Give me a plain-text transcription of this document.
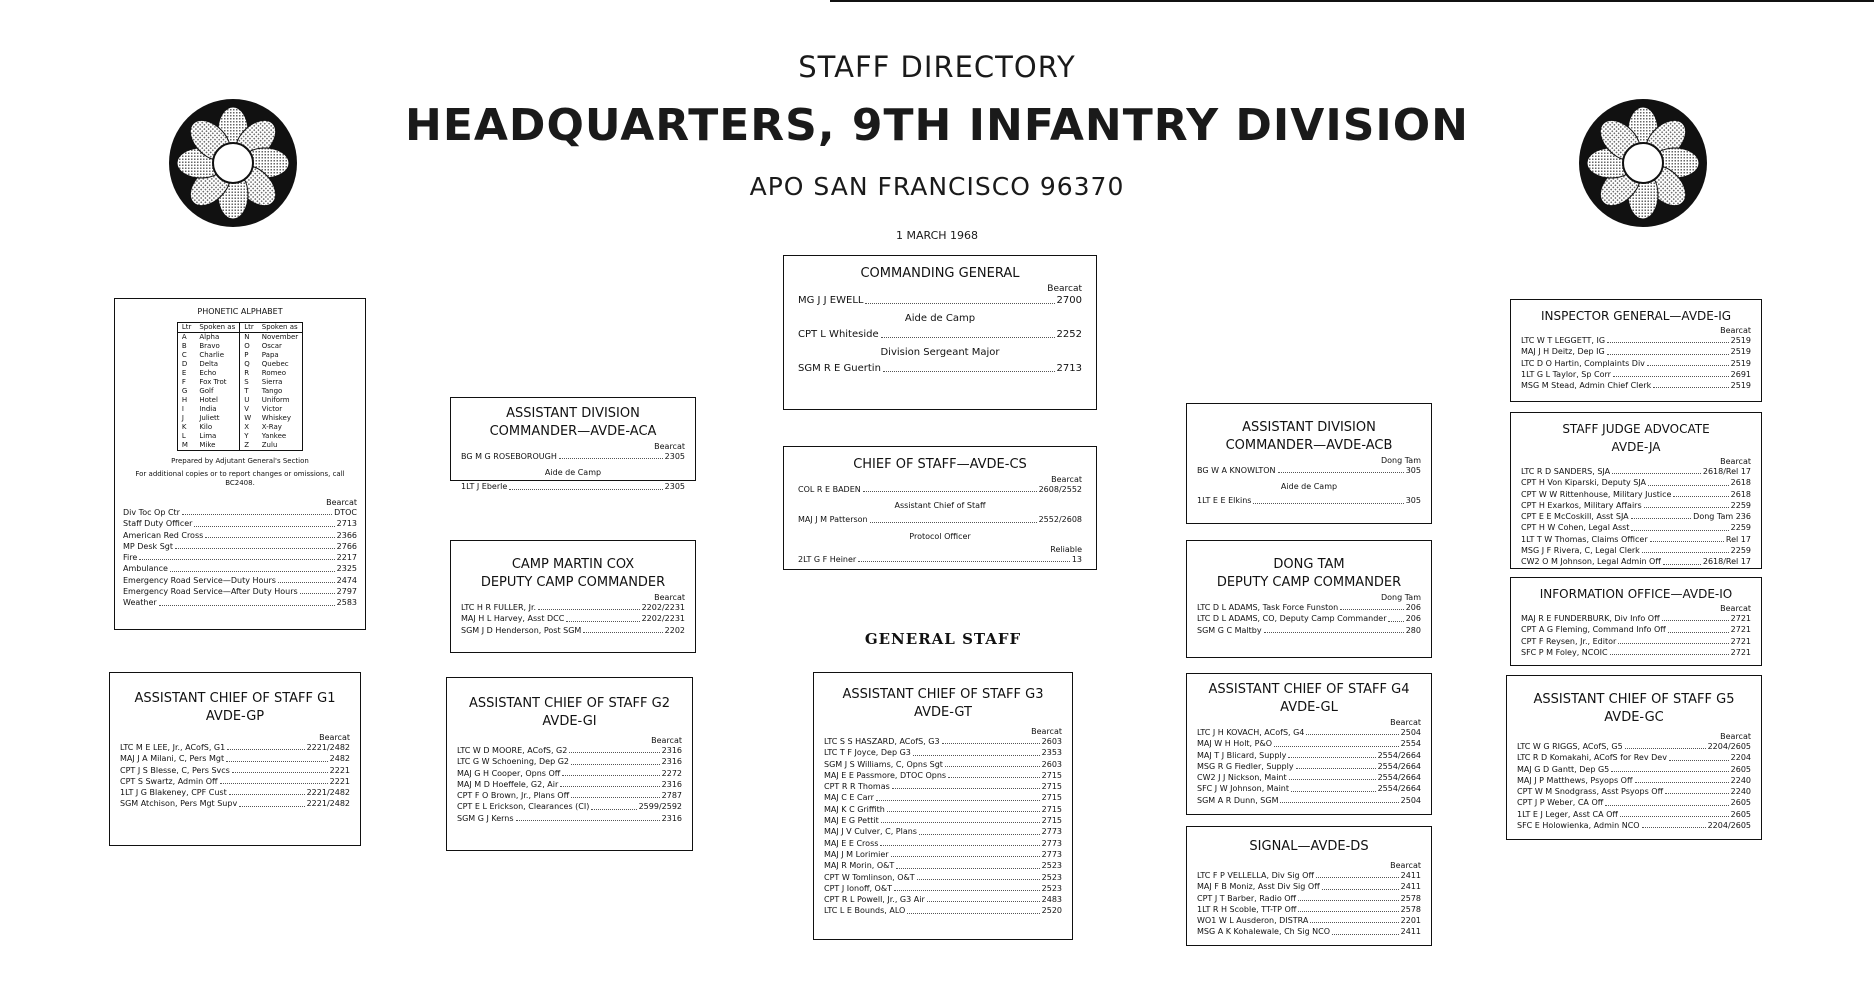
STAFF DIRECTORY
HEADQUARTERS, 9TH INFANTRY DIVISION
APO SAN FRANCISCO 96370
1 MARCH 1968
PHONETIC ALPHABET
Ltr	Spoken as	Ltr	Spoken as
A	Alpha	N	November
B	Bravo	O	Oscar
C	Charlie	P	Papa
D	Delta	Q	Quebec
E	Echo	R	Romeo
F	Fox Trot	S	Sierra
G	Golf	T	Tango
H	Hotel	U	Uniform
I	India	V	Victor
J	Juliett	W	Whiskey
K	Kilo	X	X-Ray
L	Lima	Y	Yankee
M	Mike	Z	Zulu
Prepared by Adjutant General's Section
For additional copies or to report changes or omissions, call BC2408.
Bearcat
Div Toc Op Ctr	DTOC
Staff Duty Officer	2713
American Red Cross	2366
MP Desk Sgt	2766
Fire	2217
Ambulance	2325
Emergency Road Service—Duty Hours	2474
Emergency Road Service—After Duty Hours	2797
Weather	2583
COMMANDING GENERAL
Bearcat
MG J J EWELL	2700
Aide de Camp
CPT L Whiteside	2252
Division Sergeant Major
SGM R E Guertin	2713
ASSISTANT DIVISION
COMMANDER—AVDE-ACA
Bearcat
BG M G ROSEBOROUGH	2305
Aide de Camp
1LT J Eberle	2305
CHIEF OF STAFF—AVDE-CS
Bearcat
COL R E BADEN	2608/2552
Assistant Chief of Staff
MAJ J M Patterson	2552/2608
Protocol Officer
Reliable
2LT G F Heiner	13
ASSISTANT DIVISION
COMMANDER—AVDE-ACB
Dong Tam
BG W A KNOWLTON	305
Aide de Camp
1LT E E Elkins	305
CAMP MARTIN COX
DEPUTY CAMP COMMANDER
Bearcat
LTC H R FULLER, Jr.	2202/2231
MAJ H L Harvey, Asst DCC	2202/2231
SGM J D Henderson, Post SGM	2202
DONG TAM
DEPUTY CAMP COMMANDER
Dong Tam
LTC D L ADAMS, Task Force Funston	206
LTC D L ADAMS, CO, Deputy Camp Commander 206
SGM G C Maltby	280
INSPECTOR GENERAL—AVDE-IG
Bearcat
LTC W T LEGGETT, IG	2519
MAJ J H Deitz, Dep IG	2519
LTC D O Hartin, Complaints Div	2519
1LT G L Taylor, Sp Corr	2691
MSG M Stead, Admin Chief Clerk	2519
STAFF JUDGE ADVOCATE
AVDE-JA
Bearcat
LTC R D SANDERS, SJA	2618/Rel 17
CPT H Von Kiparski, Deputy SJA	2618
CPT W W Rittenhouse, Military Justice	2618
CPT H Exarkos, Military Affairs	2259
CPT E E McCoskill, Asst SJA	Dong Tam 236
CPT H W Cohen, Legal Asst	2259
1LT T W Thomas, Claims Officer	Rel 17
MSG J F Rivera, C, Legal Clerk	2259
CW2 O M Johnson, Legal Admin Off	2618/Rel 17
INFORMATION OFFICE—AVDE-IO
Bearcat
MAJ R E FUNDERBURK, Div Info Off	2721
CPT A G Fleming, Command Info Off	2721
CPT F Reysen, Jr., Editor	2721
SFC P M Foley, NCOIC	2721
GENERAL STAFF
ASSISTANT CHIEF OF STAFF G1
AVDE-GP
Bearcat
LTC M E LEE, Jr., ACofS, G1	2221/2482
MAJ J A Milani, C, Pers Mgt	2482
CPT J S Blesse, C, Pers Svcs	2221
CPT S Swartz, Admin Off	2221
1LT J G Blakeney, CPF Cust	2221/2482
SGM Atchison, Pers Mgt Supv	2221/2482
ASSISTANT CHIEF OF STAFF G2
AVDE-GI
Bearcat
LTC W D MOORE, ACofS, G2	2316
LTC G W Schoening, Dep G2	2316
MAJ G H Cooper, Opns Off	2272
MAJ M D Hoeffele, G2, Air	2316
CPT F O Brown, Jr., Plans Off	2787
CPT E L Erickson, Clearances (CI)	2599/2592
SGM G J Kerns	2316
ASSISTANT CHIEF OF STAFF G3
AVDE-GT
Bearcat
LTC S S HASZARD, ACofS, G3	2603
LTC T F Joyce, Dep G3	2353
SGM J S Williams, C, Opns Sgt	2603
MAJ E E Passmore, DTOC Opns	2715
CPT R R Thomas	2715
MAJ C E Carr	2715
MAJ K C Griffith	2715
MAJ E G Pettit	2715
MAJ J V Culver, C, Plans	2773
MAJ E E Cross	2773
MAJ J M Lorimier	2773
MAJ R Morin, O&T	2523
CPT W Tomlinson, O&T	2523
CPT J Ionoff, O&T	2523
CPT R L Powell, Jr., G3 Air	2483
LTC L E Bounds, ALO	2520
ASSISTANT CHIEF OF STAFF G4
AVDE-GL
Bearcat
LTC J H KOVACH, ACofS, G4	2504
MAJ W H Holt, P&O	2554
MAJ T J Blicard, Supply	2554/2664
MSG R G Fiedler, Supply	2554/2664
CW2 J J Nickson, Maint	2554/2664
SFC J W Johnson, Maint	2554/2664
SGM A R Dunn, SGM	2504
SIGNAL—AVDE-DS
Bearcat
LTC F P VELLELLA, Div Sig Off	2411
MAJ F B Moniz, Asst Div Sig Off	2411
CPT J T Barber, Radio Off	2578
1LT R H Scoble, TT-TP Off	2578
WO1 W L Ausderon, DISTRA	2201
MSG A K Kohalewale, Ch Sig NCO	2411
ASSISTANT CHIEF OF STAFF G5
AVDE-GC
Bearcat
LTC W G RIGGS, ACofS, G5	2204/2605
LTC R D Komakahi, ACofS for Rev Dev	2204
MAJ G D Gantt, Dep G5	2605
MAJ J P Matthews, Psyops Off	2240
CPT W M Snodgrass, Asst Psyops Off	2240
CPT J P Weber, CA Off	2605
1LT E J Leger, Asst CA Off	2605
SFC E Holowienka, Admin NCO	2204/2605
